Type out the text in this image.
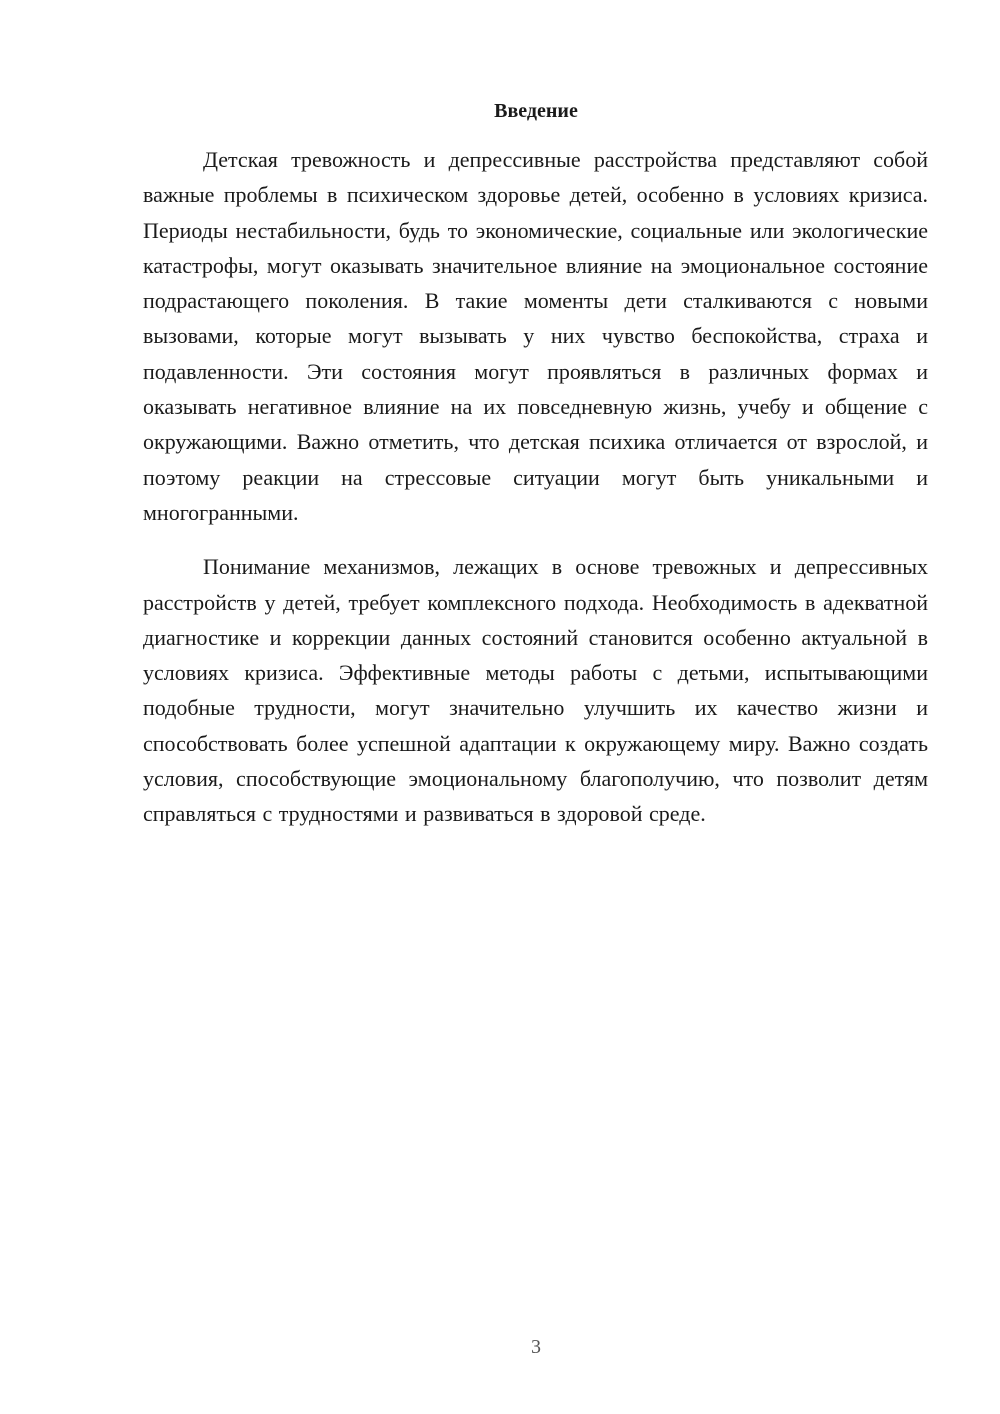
Введение

Детская тревожность и депрессивные расстройства представляют собой важные проблемы в психическом здоровье детей, особенно в условиях кризиса. Периоды нестабильности, будь то экономические, социальные или экологические катастрофы, могут оказывать значительное влияние на эмоциональное состояние подрастающего поколения. В такие моменты дети сталкиваются с новыми вызовами, которые могут вызывать у них чувство беспокойства, страха и подавленности. Эти состояния могут проявляться в различных формах и оказывать негативное влияние на их повседневную жизнь, учебу и общение с окружающими. Важно отметить, что детская психика отличается от взрослой, и поэтому реакции на стрессовые ситуации могут быть уникальными и многогранными.

Понимание механизмов, лежащих в основе тревожных и депрессивных расстройств у детей, требует комплексного подхода. Необходимость в адекватной диагностике и коррекции данных состояний становится особенно актуальной в условиях кризиса. Эффективные методы работы с детьми, испытывающими подобные трудности, могут значительно улучшить их качество жизни и способствовать более успешной адаптации к окружающему миру. Важно создать условия, способствующие эмоциональному благополучию, что позволит детям справляться с трудностями и развиваться в здоровой среде.

3
